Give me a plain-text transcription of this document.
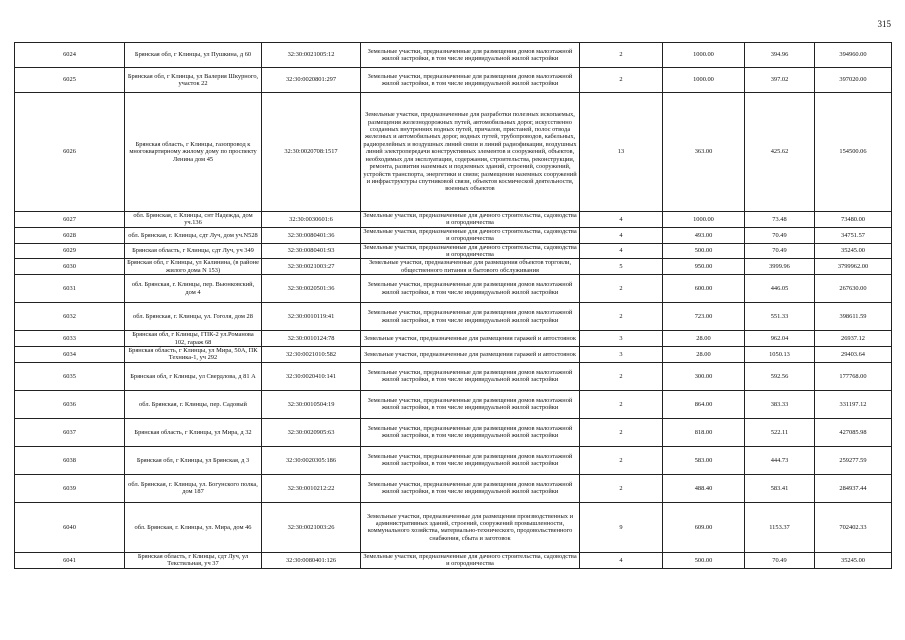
315
6024	Брянская обл, г Клинцы, ул Пушкина, д 60	32:30:0021005:12	Земельные участки, предназначенные для размещения домов малоэтажной жилой застройки, в том числе индивидуальной жилой застройки	2	1000.00	394.96	394960.00
6025	Брянская обл, г Клинцы, ул Валерия Шкурного, участок 22	32:30:0020801:297	Земельные участки, предназначенные для размещения домов малоэтажной жилой застройки, в том числе индивидуальной жилой застройки	2	1000.00	397.02	397020.00
6026	Брянская область, г Клинцы, газопровод к многоквартирному жилому дому по проспекту Ленина дом 45	32:30:0020708:1517	Земельные участки, предназначенные для разработки полезных ископаемых, размещения железнодорожных путей, автомобильных дорог, искусственно созданных внутренних водных путей, причалов, пристаней, полос отвода железных и автомобильных дорог, водных путей, трубопроводов, кабельных, радиорелейных и воздушных линий связи и линий радиофикации, воздушных линий электропередачи конструктивных элементов и сооружений, объектов, необходимых для эксплуатации, содержания, строительства, реконструкции, ремонта, развития наземных и подземных зданий, строений, сооружений, устройств транспорта, энергетики и связи; размещения наземных сооружений и инфраструктуры спутниковой связи, объектов космической деятельности, военных объектов	13	363.00	425.62	154500.06
6027	обл. Брянская, г. Клинцы, снт Надежда, дом уч.136	32:30:0030601:6	Земельные участки, предназначенные для дачного строительства, садоводства и огородничества	4	1000.00	73.48	73480.00
6028	обл. Брянская, г. Клинцы, сдт Луч, дом уч.N528	32:30:0080401:36	Земельные участки, предназначенные для дачного строительства, садоводства и огородничества	4	493.00	70.49	34751.57
6029	Брянская область, г Клинцы, сдт Луч, уч 349	32:30:0080401:93	Земельные участки, предназначенные для дачного строительства, садоводства и огородничества	4	500.00	70.49	35245.00
6030	Брянская обл, г Клинцы, ул Калинина, (в районе жилого дома N 153)	32:30:0021003:27	Земельные участки, предназначенные для размещения объектов торговли, общественного питания и бытового обслуживания	5	950.00	3999.96	3799962.00
6031	обл. Брянская, г. Клинцы, пер. Вьюнковский, дом 4	32:30:0020501:36	Земельные участки, предназначенные для размещения домов малоэтажной жилой застройки, в том числе индивидуальной жилой застройки	2	600.00	446.05	267630.00
6032	обл. Брянская, г. Клинцы, ул. Гоголя, дом 28	32:30:0010119:41	Земельные участки, предназначенные для размещения домов малоэтажной жилой застройки, в том числе индивидуальной жилой застройки	2	723.00	551.33	398611.59
6033	Брянская обл, г Клинцы, ГПК-2 ул.Романова 102, гараж 68	32:30:0010124:78	Земельные участки, предназначенные для размещения гаражей и автостоянок	3	28.00	962.04	26937.12
6034	Брянская область, г Клинцы, ул Мира, 50А, ПК Техника-1, уч 292	32:30:0021010:582	Земельные участки, предназначенные для размещения гаражей и автостоянок	3	28.00	1050.13	29403.64
6035	Брянская обл, г Клинцы, ул Свердлова, д 81 А	32:30:0020410:141	Земельные участки, предназначенные для размещения домов малоэтажной жилой застройки, в том числе индивидуальной жилой застройки	2	300.00	592.56	177768.00
6036	обл. Брянская, г. Клинцы, пер. Садовый	32:30:0010504:19	Земельные участки, предназначенные для размещения домов малоэтажной жилой застройки, в том числе индивидуальной жилой застройки	2	864.00	383.33	331197.12
6037	Брянская область, г Клинцы, ул Мира, д 32	32:30:0020905:63	Земельные участки, предназначенные для размещения домов малоэтажной жилой застройки, в том числе индивидуальной жилой застройки	2	818.00	522.11	427085.98
6038	Брянская обл, г Клинцы, ул Брянская, д 3	32:30:0020305:186	Земельные участки, предназначенные для размещения домов малоэтажной жилой застройки, в том числе индивидуальной жилой застройки	2	583.00	444.73	259277.59
6039	обл. Брянская, г. Клинцы, ул. Богунского полка, дом 187	32:30:0010212:22	Земельные участки, предназначенные для размещения домов малоэтажной жилой застройки, в том числе индивидуальной жилой застройки	2	488.40	583.41	284937.44
6040	обл. Брянская, г. Клинцы, ул. Мира, дом 46	32:30:0021003:26	Земельные участки, предназначенные для размещения производственных и административных зданий, строений, сооружений промышленности, коммунального хозяйства, материально-технического, продовольственного снабжения, сбыта и заготовок	9	609.00	1153.37	702402.33
6041	Брянская область, г Клинцы, сдт Луч, ул Текстильная, уч 37	32:30:0080401:126	Земельные участки, предназначенные для дачного строительства, садоводства и огородничества	4	500.00	70.49	35245.00
